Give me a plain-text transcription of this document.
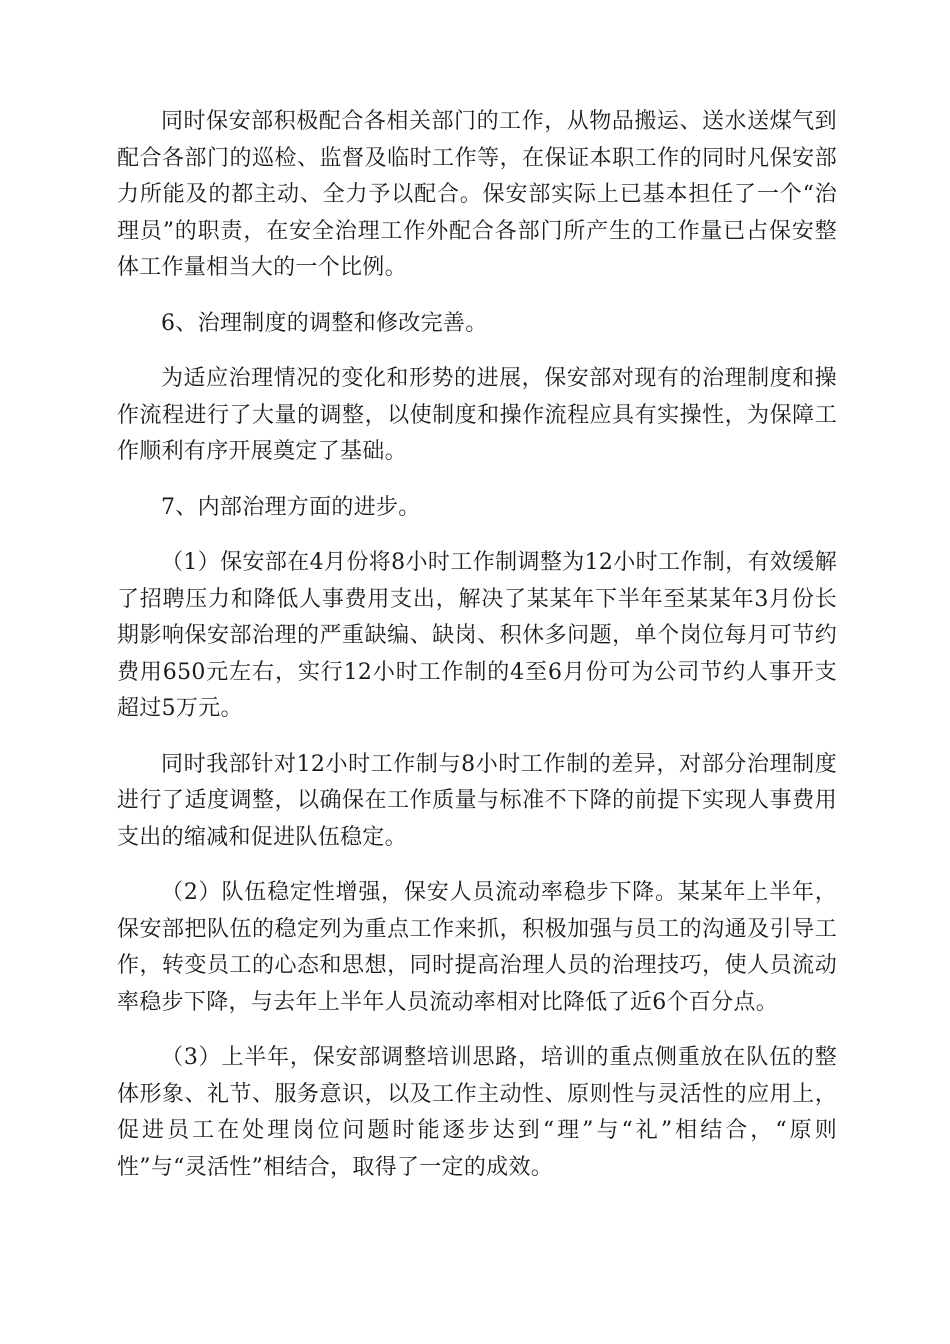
同时保安部积极配合各相关部门的工作，从物品搬运、送水送煤气到配合各部门的巡检、监督及临时工作等，在保证本职工作的同时凡保安部力所能及的都主动、全力予以配合。保安部实际上已基本担任了一个“治理员”的职责，在安全治理工作外配合各部门所产生的工作量已占保安整体工作量相当大的一个比例。

6、治理制度的调整和修改完善。

为适应治理情况的变化和形势的进展，保安部对现有的治理制度和操作流程进行了大量的调整，以使制度和操作流程应具有实操性，为保障工作顺利有序开展奠定了基础。

7、内部治理方面的进步。

（1）保安部在4月份将8小时工作制调整为12小时工作制，有效缓解了招聘压力和降低人事费用支出，解决了某某年下半年至某某年3月份长期影响保安部治理的严重缺编、缺岗、积休多问题，单个岗位每月可节约费用650元左右，实行12小时工作制的4至6月份可为公司节约人事开支超过5万元。

同时我部针对12小时工作制与8小时工作制的差异，对部分治理制度进行了适度调整，以确保在工作质量与标准不下降的前提下实现人事费用支出的缩减和促进队伍稳定。

（2）队伍稳定性增强，保安人员流动率稳步下降。某某年上半年，保安部把队伍的稳定列为重点工作来抓，积极加强与员工的沟通及引导工作，转变员工的心态和思想，同时提高治理人员的治理技巧，使人员流动率稳步下降，与去年上半年人员流动率相对比降低了近6个百分点。

（3）上半年，保安部调整培训思路，培训的重点侧重放在队伍的整体形象、礼节、服务意识，以及工作主动性、原则性与灵活性的应用上，促进员工在处理岗位问题时能逐步达到“理”与“礼”相结合，“原则性”与“灵活性”相结合，取得了一定的成效。
